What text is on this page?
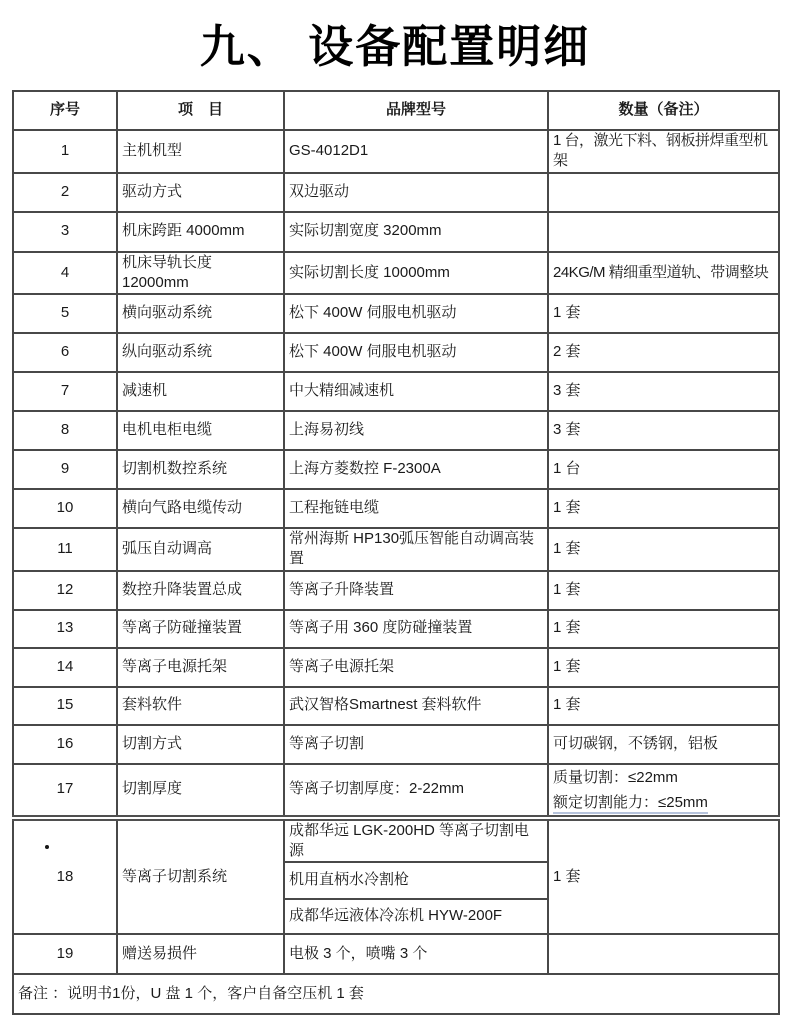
九、 设备配置明细
序号	项　目	品牌型号	数量（备注）
1	主机机型	GS-4012D1	1 台，激光下料、钢板拼焊重型机架
2	驱动方式	双边驱动	
3	机床跨距 4000mm	实际切割宽度 3200mm	
4	机床导轨长度 12000mm	实际切割长度 10000mm	24KG/M 精细重型道轨、带调整块
5	横向驱动系统	松下 400W 伺服电机驱动	1 套
6	纵向驱动系统	松下 400W 伺服电机驱动	2 套
7	减速机	中大精细减速机	3 套
8	电机电柜电缆	上海易初线	3 套
9	切割机数控系统	上海方菱数控 F-2300A	1 台
10	横向气路电缆传动	工程拖链电缆	1 套
11	弧压自动调高	常州海斯 HP130弧压智能自动调高装置	1 套
12	数控升降装置总成	等离子升降装置	1 套
13	等离子防碰撞装置	等离子用 360 度防碰撞装置	1 套
14	等离子电源托架	等离子电源托架	1 套
15	套料软件	武汉智格Smartnest 套料软件	1 套
16	切割方式	等离子切割	可切碳钢，不锈钢，铝板
17	切割厚度	等离子切割厚度：2-22mm	质量切割：≤22mm
额定切割能力：≤25mm

18	等离子切割系统	成都华远 LGK-200HD 等离子切割电源	1 套
		机用直柄水冷割枪	
		成都华远液体冷冻机 HYW-200F	
19	赠送易损件	电极 3 个，喷嘴 3 个	
备注 ：说明书1份，U 盘 1 个，客户自备空压机 1 套			
